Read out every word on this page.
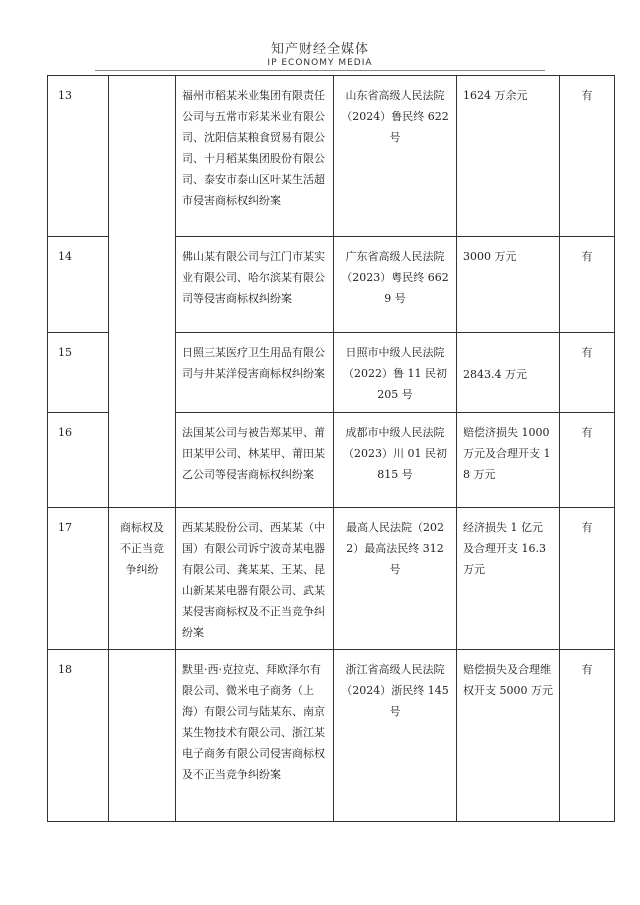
知产财经全媒体
IP ECONOMY MEDIA
13		福州市稻某米业集团有限责任公司与五常市彩某米业有限公司、沈阳信某粮食贸易有限公司、十月稻某集团股份有限公司、泰安市泰山区叶某生活超市侵害商标权纠纷案	山东省高级人民法院（2024）鲁民终 622 号	1624 万余元	有
14		佛山某有限公司与江门市某实业有限公司、哈尔滨某有限公司等侵害商标权纠纷案	广东省高级人民法院（2023）粤民终 6629 号	3000 万元	有
15		日照三某医疗卫生用品有限公司与井某洋侵害商标权纠纷案	日照市中级人民法院（2022）鲁 11 民初 205 号	2843.4 万元	有
16		法国某公司与被告郑某甲、莆田某甲公司、林某甲、莆田某乙公司等侵害商标权纠纷案	成都市中级人民法院（2023）川 01 民初 815 号	赔偿济损失 1000 万元及合理开支 18 万元	有
17	商标权及不正当竞争纠纷	西某某股份公司、西某某（中国）有限公司诉宁波奇某电器有限公司、龚某某、王某、昆山新某某电器有限公司、武某某侵害商标权及不正当竞争纠纷案	最高人民法院（2022）最高法民终 312 号	经济损失 1 亿元及合理开支 16.3 万元	有
18		默里·西·克拉克、拜欧泽尔有限公司、微米电子商务（上海）有限公司与陆某东、南京某生物技术有限公司、浙江某电子商务有限公司侵害商标权及不正当竞争纠纷案	浙江省高级人民法院（2024）浙民终 145 号	赔偿损失及合理维权开支 5000 万元	有
